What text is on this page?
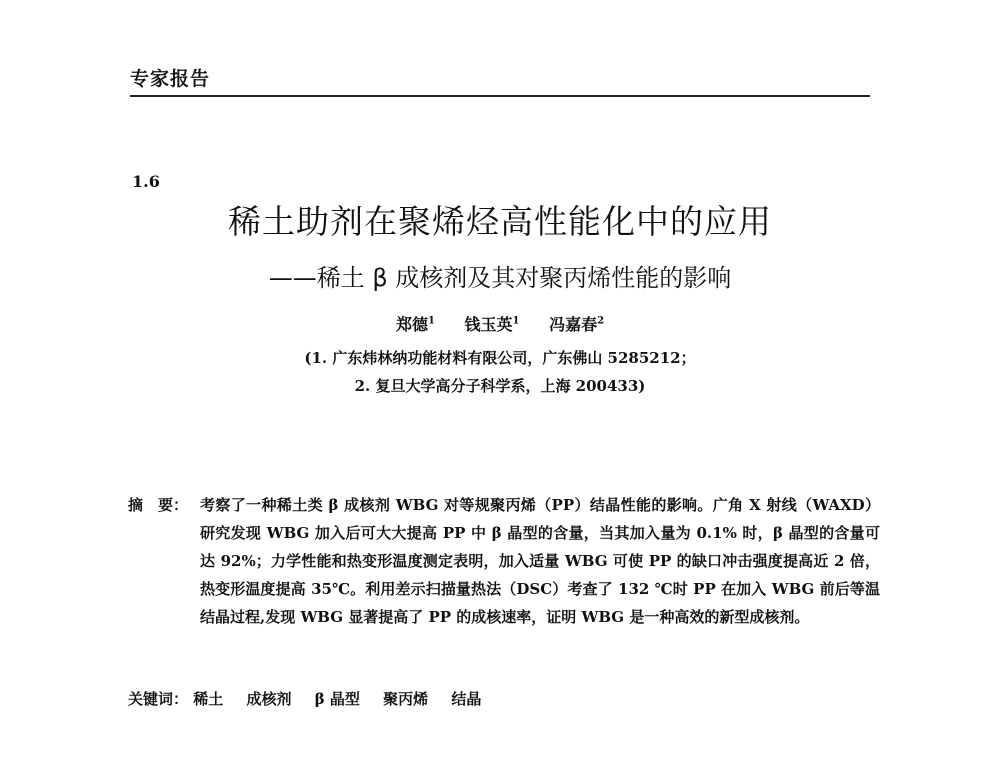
专家报告
1.6
稀土助剂在聚烯烃高性能化中的应用
——稀土 β 成核剂及其对聚丙烯性能的影响
郑德$^1$ 钱玉英$^1$ 冯嘉春$^2$
(1. 广东炜林纳功能材料有限公司，广东佛山 5285212；
2. 复旦大学高分子科学系，上海 200433)
摘　要： 考察了一种稀土类 β 成核剂 WBG 对等规聚丙烯（PP）结晶性能的影响。广角 X 射线（WAXD）研究发现 WBG 加入后可大大提高 PP 中 β 晶型的含量，当其加入量为 0.1% 时，β 晶型的含量可达 92%；力学性能和热变形温度测定表明，加入适量 WBG 可使 PP 的缺口冲击强度提高近 2 倍，热变形温度提高 35℃。利用差示扫描量热法（DSC）考查了 132 ℃时 PP 在加入 WBG 前后等温结晶过程,发现 WBG 显著提高了 PP 的成核速率，证明 WBG 是一种高效的新型成核剂。
关键词： 稀土 成核剂 β 晶型 聚丙烯 结晶
